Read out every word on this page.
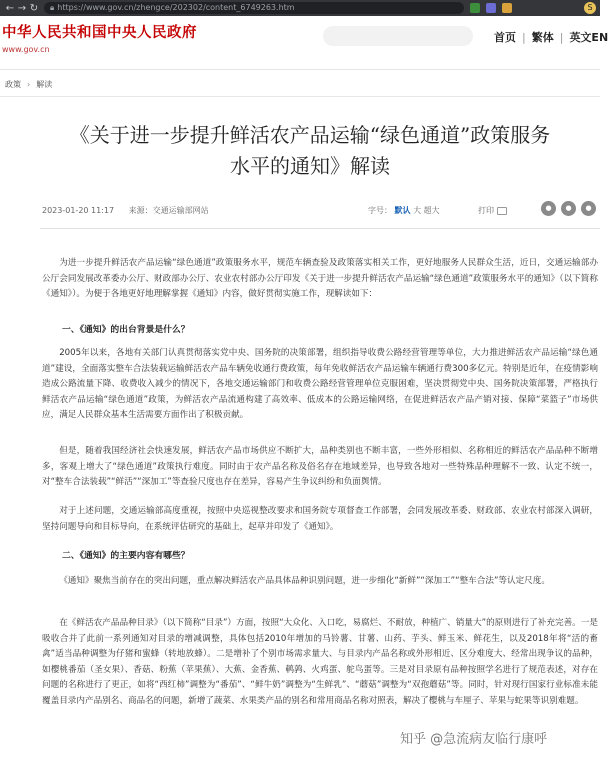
← → ↻	🔒︎ https://www.gov.cn/zhengce/202302/content_6749263.htm	S
中华人民共和国中央人民政府
www.gov.cn
首页 | 繁体 | 英文EN
政策 › 解读
《关于进一步提升鲜活农产品运输“绿色通道”政策服务
水平的通知》解读
2023-01-20 11:17 来源：交通运输部网站	字号： 默认 大 超大	打印	●	●	●

为进一步提升鲜活农产品运输“绿色通道”政策服务水平，规范车辆查验及政策落实相关工作，更好地服务人民群众生活，近日，交通运输部办公厅会同发展改革委办公厅、财政部办公厅、农业农村部办公厅印发《关于进一步提升鲜活农产品运输“绿色通道”政策服务水平的通知》（以下简称《通知》）。为便于各地更好地理解掌握《通知》内容，做好贯彻实施工作，现解读如下：

一、《通知》的出台背景是什么？

2005年以来，各地有关部门认真贯彻落实党中央、国务院的决策部署，组织指导收费公路经营管理等单位，大力推进鲜活农产品运输“绿色通道”建设，全面落实整车合法装载运输鲜活农产品车辆免收通行费政策，每年免收鲜活农产品运输车辆通行费300多亿元。特别是近年，在疫情影响造成公路流量下降、收费收入减少的情况下，各地交通运输部门和收费公路经营管理单位克服困难，坚决贯彻党中央、国务院决策部署，严格执行鲜活农产品运输“绿色通道”政策，为鲜活农产品流通构建了高效率、低成本的公路运输网络，在促进鲜活农产品产销对接、保障“菜篮子”市场供应，满足人民群众基本生活需要方面作出了积极贡献。

但是，随着我国经济社会快速发展，鲜活农产品市场供应不断扩大，品种类别也不断丰富，一些外形相似、名称相近的鲜活农产品品种不断增多，客观上增大了“绿色通道”政策执行难度。同时由于农产品名称及俗名存在地域差异，也导致各地对一些特殊品种理解不一致、认定不统一，对“整车合法装载”“鲜活”“深加工”等查验尺度也存在差异，容易产生争议纠纷和负面舆情。

对于上述问题，交通运输部高度重视，按照中央巡视整改要求和国务院专项督查工作部署，会同发展改革委、财政部、农业农村部深入调研，坚持问题导向和目标导向，在系统评估研究的基础上，起草并印发了《通知》。

二、《通知》的主要内容有哪些？

《通知》聚焦当前存在的突出问题，重点解决鲜活农产品具体品种识别问题，进一步细化“新鲜”“深加工”“整车合法”等认定尺度。

在《鲜活农产品品种目录》（以下简称“目录”）方面，按照“大众化、入口吃，易腐烂、不耐放，种植广、销量大”的原则进行了补充完善。一是吸收合并了此前一系列通知对目录的增减调整，具体包括2010年增加的马铃薯、甘薯、山药、芋头、鲜玉米、鲜花生，以及2018年将“活的畜禽”适当品种调整为仔猪和蜜蜂（转地放蜂）。二是增补了个别市场需求量大、与目录内产品名称或外形相近、区分难度大、经常出现争议的品种，如樱桃番茄（圣女果）、香菇、粉蕉（苹果蕉）、大蕉、金香蕉、鹌鹑、火鸡蛋、鸵鸟蛋等。三是对目录原有品种按照学名进行了规范表述，对存在问题的名称进行了更正，如将“西红柿”调整为“番茄”、“鲜牛奶”调整为“生鲜乳”、“蘑菇”调整为“双孢蘑菇”等。同时，针对现行国家行业标准未能覆盖目录内产品别名、商品名的问题，新增了蔬菜、水果类产品的别名和常用商品名称对照表，解决了樱桃与车厘子、苹果与蛇果等识别难题。

知乎 @急流病友临行康呼
